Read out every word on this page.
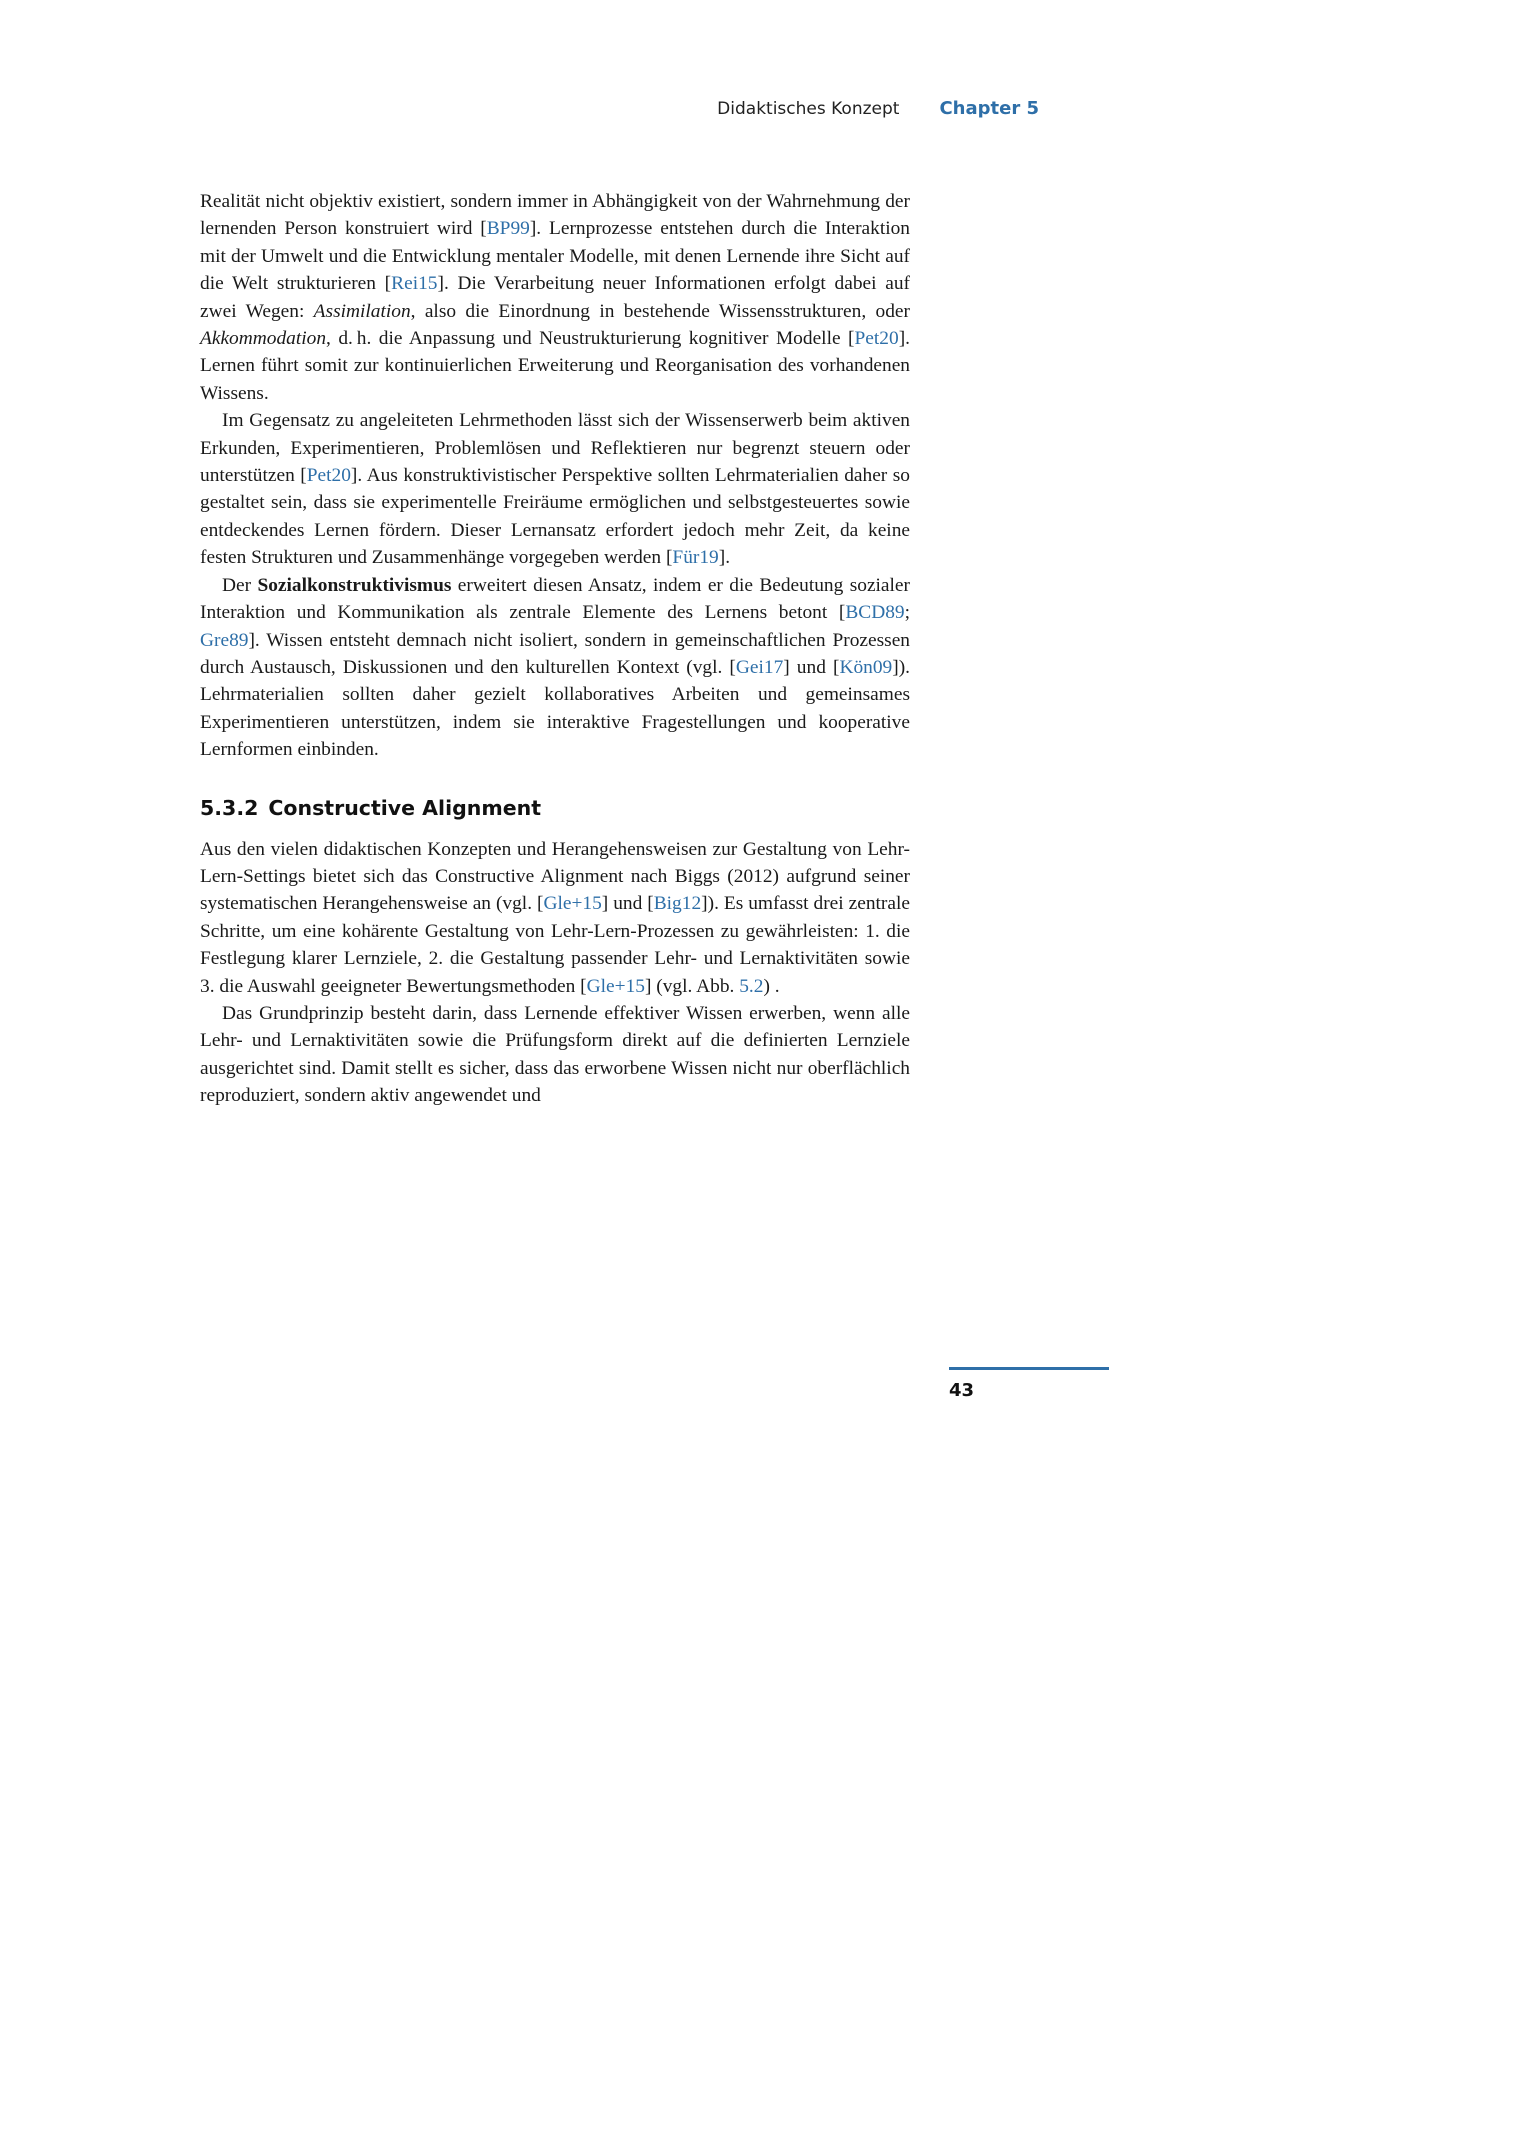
Didaktisches Konzept Chapter 5

Realität nicht objektiv existiert, sondern immer in Abhängigkeit von der Wahrnehmung der lernenden Person konstruiert wird [BP99]. Lernprozesse entstehen durch die Interaktion mit der Umwelt und die Entwicklung mentaler Modelle, mit denen Lernende ihre Sicht auf die Welt strukturieren [Rei15]. Die Verarbeitung neuer Informationen erfolgt dabei auf zwei Wegen: Assimilation, also die Einordnung in bestehende Wissensstrukturen, oder Akkommodation, d. h. die Anpassung und Neustrukturierung kognitiver Modelle [Pet20]. Lernen führt somit zur kontinuierlichen Erweiterung und Reorganisation des vorhandenen Wissens.

Im Gegensatz zu angeleiteten Lehrmethoden lässt sich der Wissenserwerb beim aktiven Erkunden, Experimentieren, Problemlösen und Reflektieren nur begrenzt steuern oder unterstützen [Pet20]. Aus konstruktivistischer Perspektive sollten Lehrmaterialien daher so gestaltet sein, dass sie experimentelle Freiräume ermöglichen und selbstgesteuertes sowie entdeckendes Lernen fördern. Dieser Lernansatz erfordert jedoch mehr Zeit, da keine festen Strukturen und Zusammenhänge vorgegeben werden [Für19].

Der Sozialkonstruktivismus erweitert diesen Ansatz, indem er die Bedeutung sozialer Interaktion und Kommunikation als zentrale Elemente des Lernens betont [BCD89; Gre89]. Wissen entsteht demnach nicht isoliert, sondern in gemeinschaftlichen Prozessen durch Austausch, Diskussionen und den kulturellen Kontext (vgl. [Gei17] und [Kön09]). Lehrmaterialien sollten daher gezielt kollaboratives Arbeiten und gemeinsames Experimentieren unterstützen, indem sie interaktive Fragestellungen und kooperative Lernformen einbinden.

5.3.2 Constructive Alignment

Aus den vielen didaktischen Konzepten und Herangehensweisen zur Gestaltung von Lehr-Lern-Settings bietet sich das Constructive Alignment nach Biggs (2012) aufgrund seiner systematischen Herangehensweise an (vgl. [Gle+15] und [Big12]). Es umfasst drei zentrale Schritte, um eine kohärente Gestaltung von Lehr-Lern-Prozessen zu gewährleisten: 1. die Festlegung klarer Lernziele, 2. die Gestaltung passender Lehr- und Lernaktivitäten sowie 3. die Auswahl geeigneter Bewertungsmethoden [Gle+15] (vgl. Abb. 5.2) .

Das Grundprinzip besteht darin, dass Lernende effektiver Wissen erwerben, wenn alle Lehr- und Lernaktivitäten sowie die Prüfungsform direkt auf die definierten Lernziele ausgerichtet sind. Damit stellt es sicher, dass das erworbene Wissen nicht nur oberflächlich reproduziert, sondern aktiv angewendet und

43
